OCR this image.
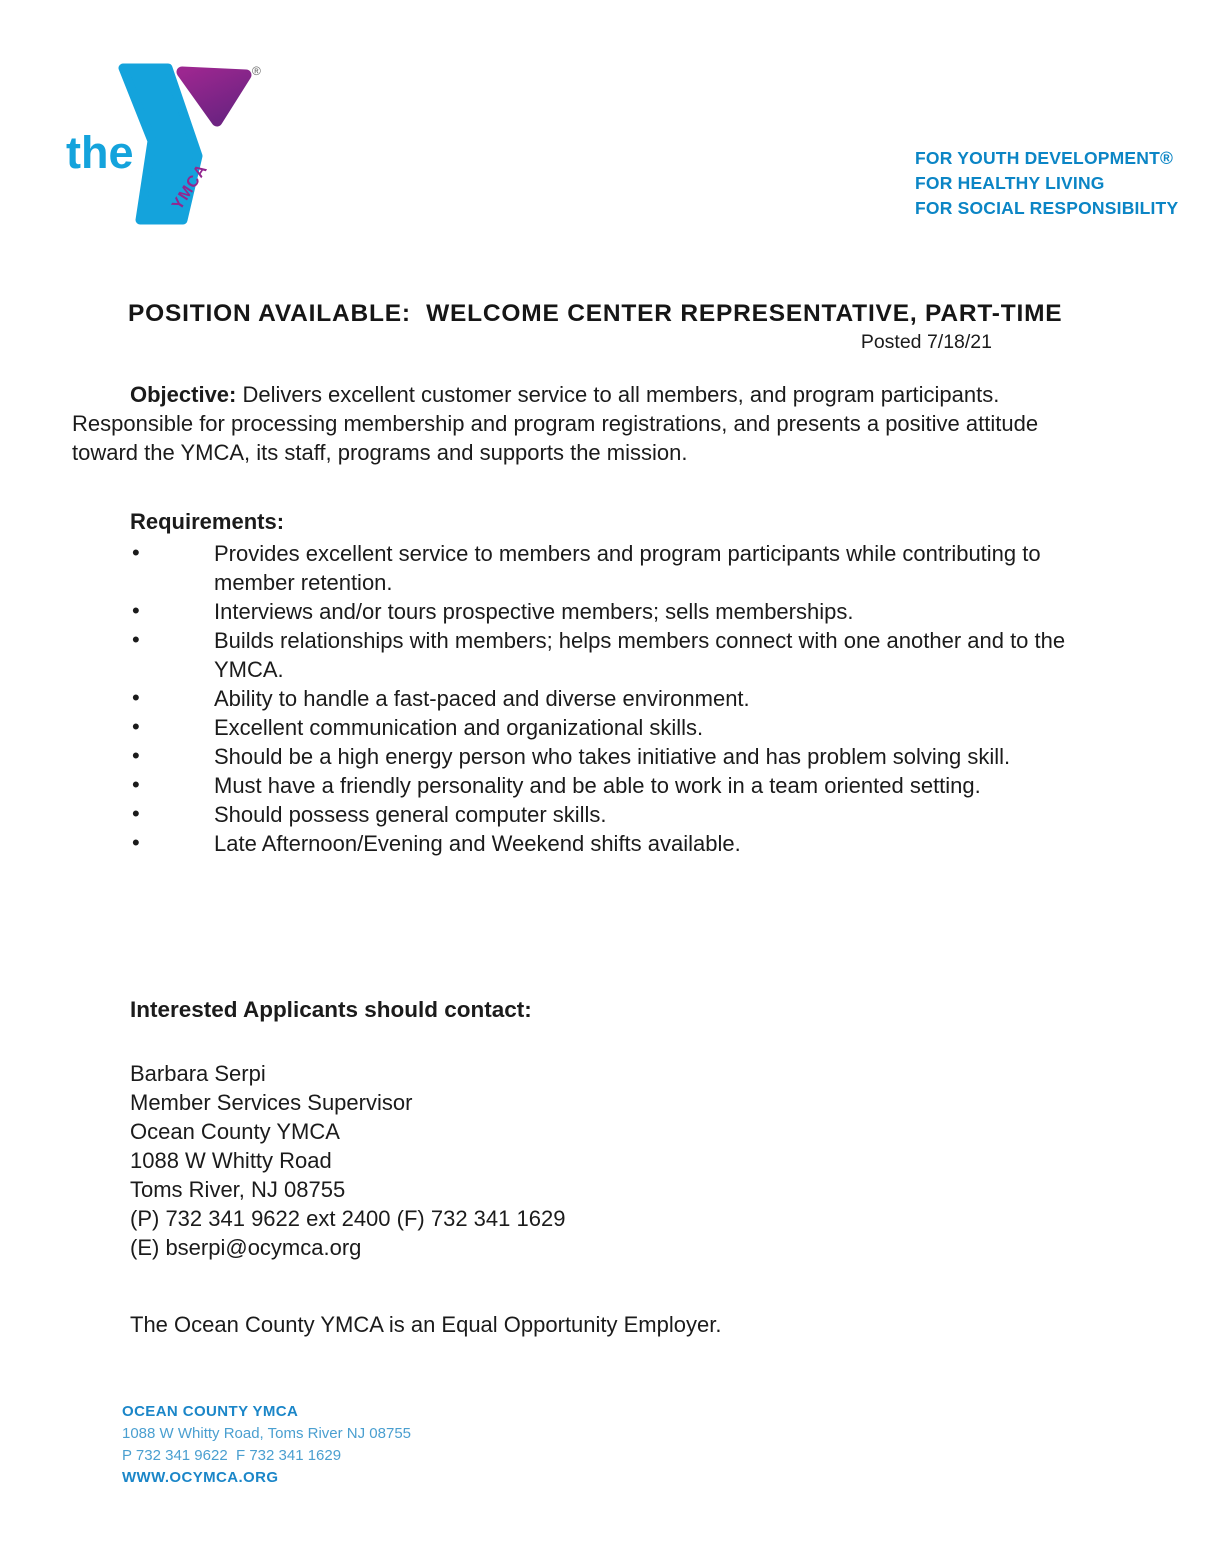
the
YMCA
®
FOR YOUTH DEVELOPMENT®
FOR HEALTHY LIVING
FOR SOCIAL RESPONSIBILITY
POSITION AVAILABLE:  WELCOME CENTER REPRESENTATIVE, PART-TIME
Posted 7/18/21
Objective: Delivers excellent customer service to all members, and program participants. Responsible for processing membership and program registrations, and presents a positive attitude toward the YMCA, its staff, programs and supports the mission.
Requirements:
• Provides excellent service to members and program participants while contributing to member retention.
• Interviews and/or tours prospective members; sells memberships.
• Builds relationships with members; helps members connect with one another and to the YMCA.
• Ability to handle a fast-paced and diverse environment.
• Excellent communication and organizational skills.
• Should be a high energy person who takes initiative and has problem solving skill.
• Must have a friendly personality and be able to work in a team oriented setting.
• Should possess general computer skills.
• Late Afternoon/Evening and Weekend shifts available.
Interested Applicants should contact:
Barbara Serpi
Member Services Supervisor
Ocean County YMCA
1088 W Whitty Road
Toms River, NJ 08755
(P) 732 341 9622 ext 2400 (F) 732 341 1629
(E) bserpi@ocymca.org
The Ocean County YMCA is an Equal Opportunity Employer.
OCEAN COUNTY YMCA
1088 W Whitty Road, Toms River NJ 08755
P 732 341 9622  F 732 341 1629
WWW.OCYMCA.ORG
